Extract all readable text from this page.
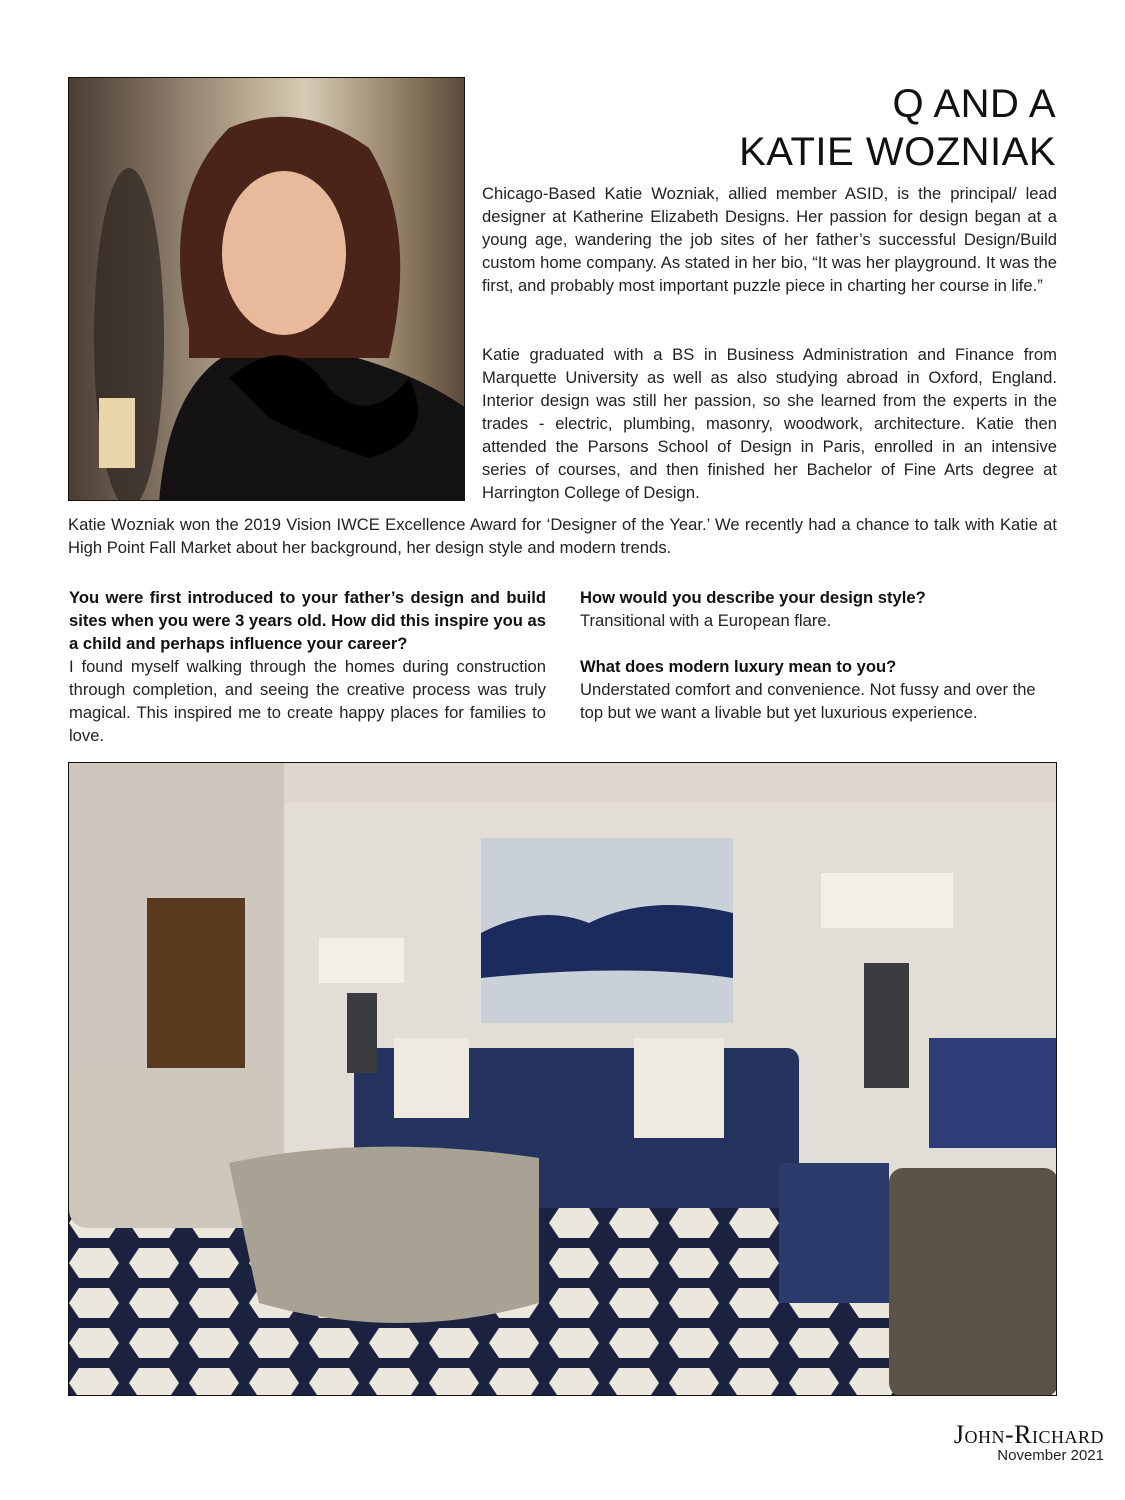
Q AND A
KATIE WOZNIAK

Chicago-Based Katie Wozniak, allied member ASID, is the principal/ lead designer at Katherine Elizabeth Designs. Her passion for design began at a young age, wandering the job sites of her father’s successful Design/Build custom home company. As stated in her bio, “It was her playground. It was the first, and probably most important puzzle piece in charting her course in life.”

Katie graduated with a BS in Business Administration and Finance from Marquette University as well as also studying abroad in Oxford, England. Interior design was still her passion, so she learned from the experts in the trades - electric, plumbing, masonry, woodwork, architecture. Katie then attended the Parsons School of Design in Paris, enrolled in an intensive series of courses, and then finished her Bachelor of Fine Arts degree at Harrington College of Design.

Katie Wozniak won the 2019 Vision IWCE Excellence Award for ‘Designer of the Year.’ We recently had a chance to talk with Katie at High Point Fall Market about her background, her design style and modern trends.

You were first introduced to your father’s design and build sites when you were 3 years old. How did this inspire you as a child and perhaps influence your career?
I found myself walking through the homes during construction through completion, and seeing the creative process was truly magical. This inspired me to create happy places for families to love.
How would you describe your design style?
Transitional with a European flare.
What does modern luxury mean to you?
Understated comfort and convenience. Not fussy and over the top but we want a livable but yet luxurious experience.
John-Richard
November 2021
